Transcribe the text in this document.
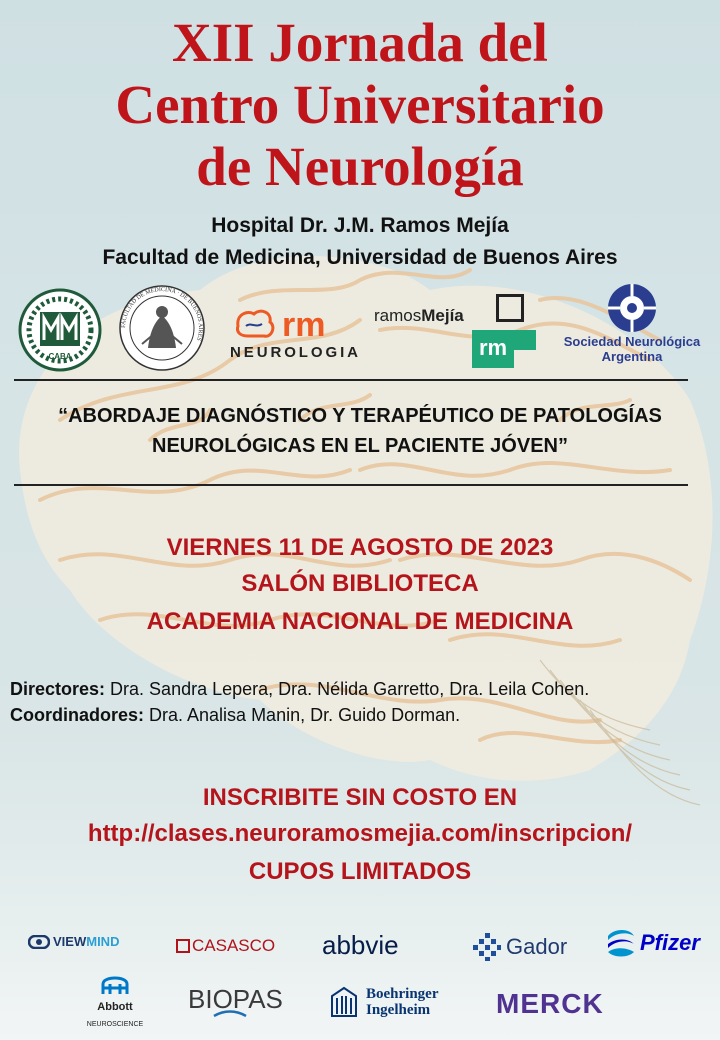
XII Jornada del
Centro Universitario
de Neurología
Hospital Dr. J.M. Ramos Mejía
Facultad de Medicina, Universidad de Buenos Aires
CABA
FACULTAD DE MEDICINA · DE BUENOS AIRES rm
NEUROLOGIA
ramosMejía
rm	Sociedad Neurológica
Argentina
“ABORDAJE DIAGNÓSTICO Y TERAPÉUTICO DE PATOLOGÍAS
NEUROLÓGICAS EN EL PACIENTE JÓVEN”
VIERNES 11 DE AGOSTO DE 2023
SALÓN BIBLIOTECA
ACADEMIA NACIONAL DE MEDICINA
Directores: Dra. Sandra Lepera, Dra. Nélida Garretto, Dra. Leila Cohen.
Coordinadores: Dra. Analisa Manin, Dr. Guido Dorman.
INSCRIBITE SIN COSTO EN
http://clases.neuroramosmejia.com/inscripcion/
CUPOS LIMITADOS
VIEW MIND	CASASCO abbvie	Gador	Pfizer
Abbott
NEUROSCIENCE
BIOPAS	Boehringer
Ingelheim MERCK
